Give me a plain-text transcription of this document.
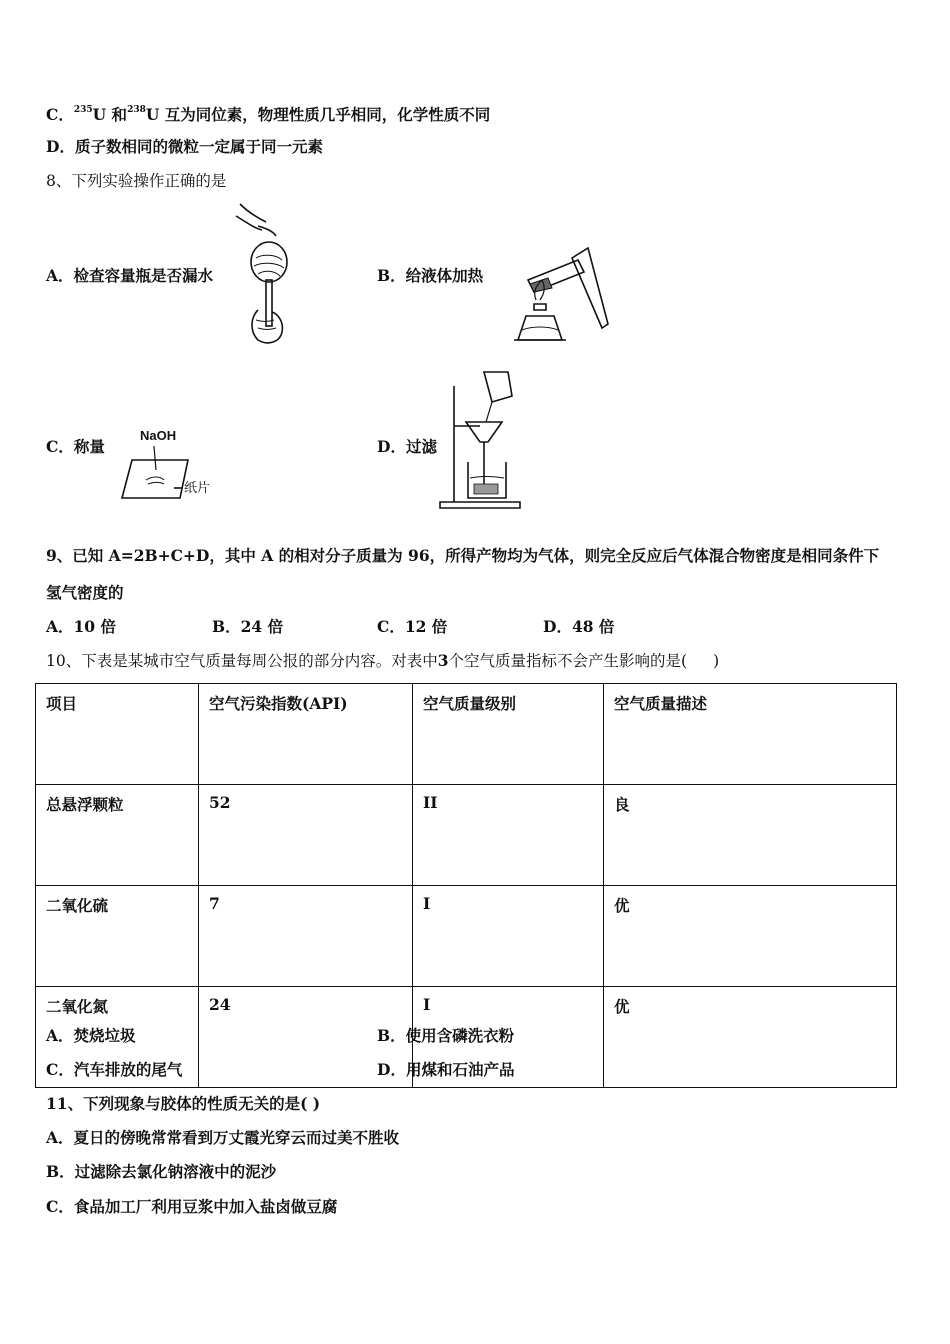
C．$^{235}$U 和$^{238}$U 互为同位素，物理性质几乎相同，化学性质不同
D．质子数相同的微粒一定属于同一元素
8、下列实验操作正确的是
A．检查容量瓶是否漏水	B．给液体加热
C．称量	D．过滤
NaOH
纸片
9、已知 A=2B+C+D，其中 A 的相对分子质量为 96，所得产物均为气体，则完全反应后气体混合物密度是相同条件下
氢气密度的
A．10 倍	B．24 倍	C．12 倍	D．48 倍
10、下表是某城市空气质量每周公报的部分内容。对表中3个空气质量指标不会产生影响的是( )
项目	空气污染指数(API)	空气质量级别	空气质量描述
总悬浮颗粒	52	II	良
二氧化硫	7	I	优
二氧化氮	24	I	优
A．焚烧垃圾	B．使用含磷洗衣粉
C．汽车排放的尾气	D．用煤和石油产品
11、下列现象与胶体的性质无关的是( )
A．夏日的傍晚常常看到万丈霞光穿云而过美不胜收
B．过滤除去氯化钠溶液中的泥沙
C．食品加工厂利用豆浆中加入盐卤做豆腐
